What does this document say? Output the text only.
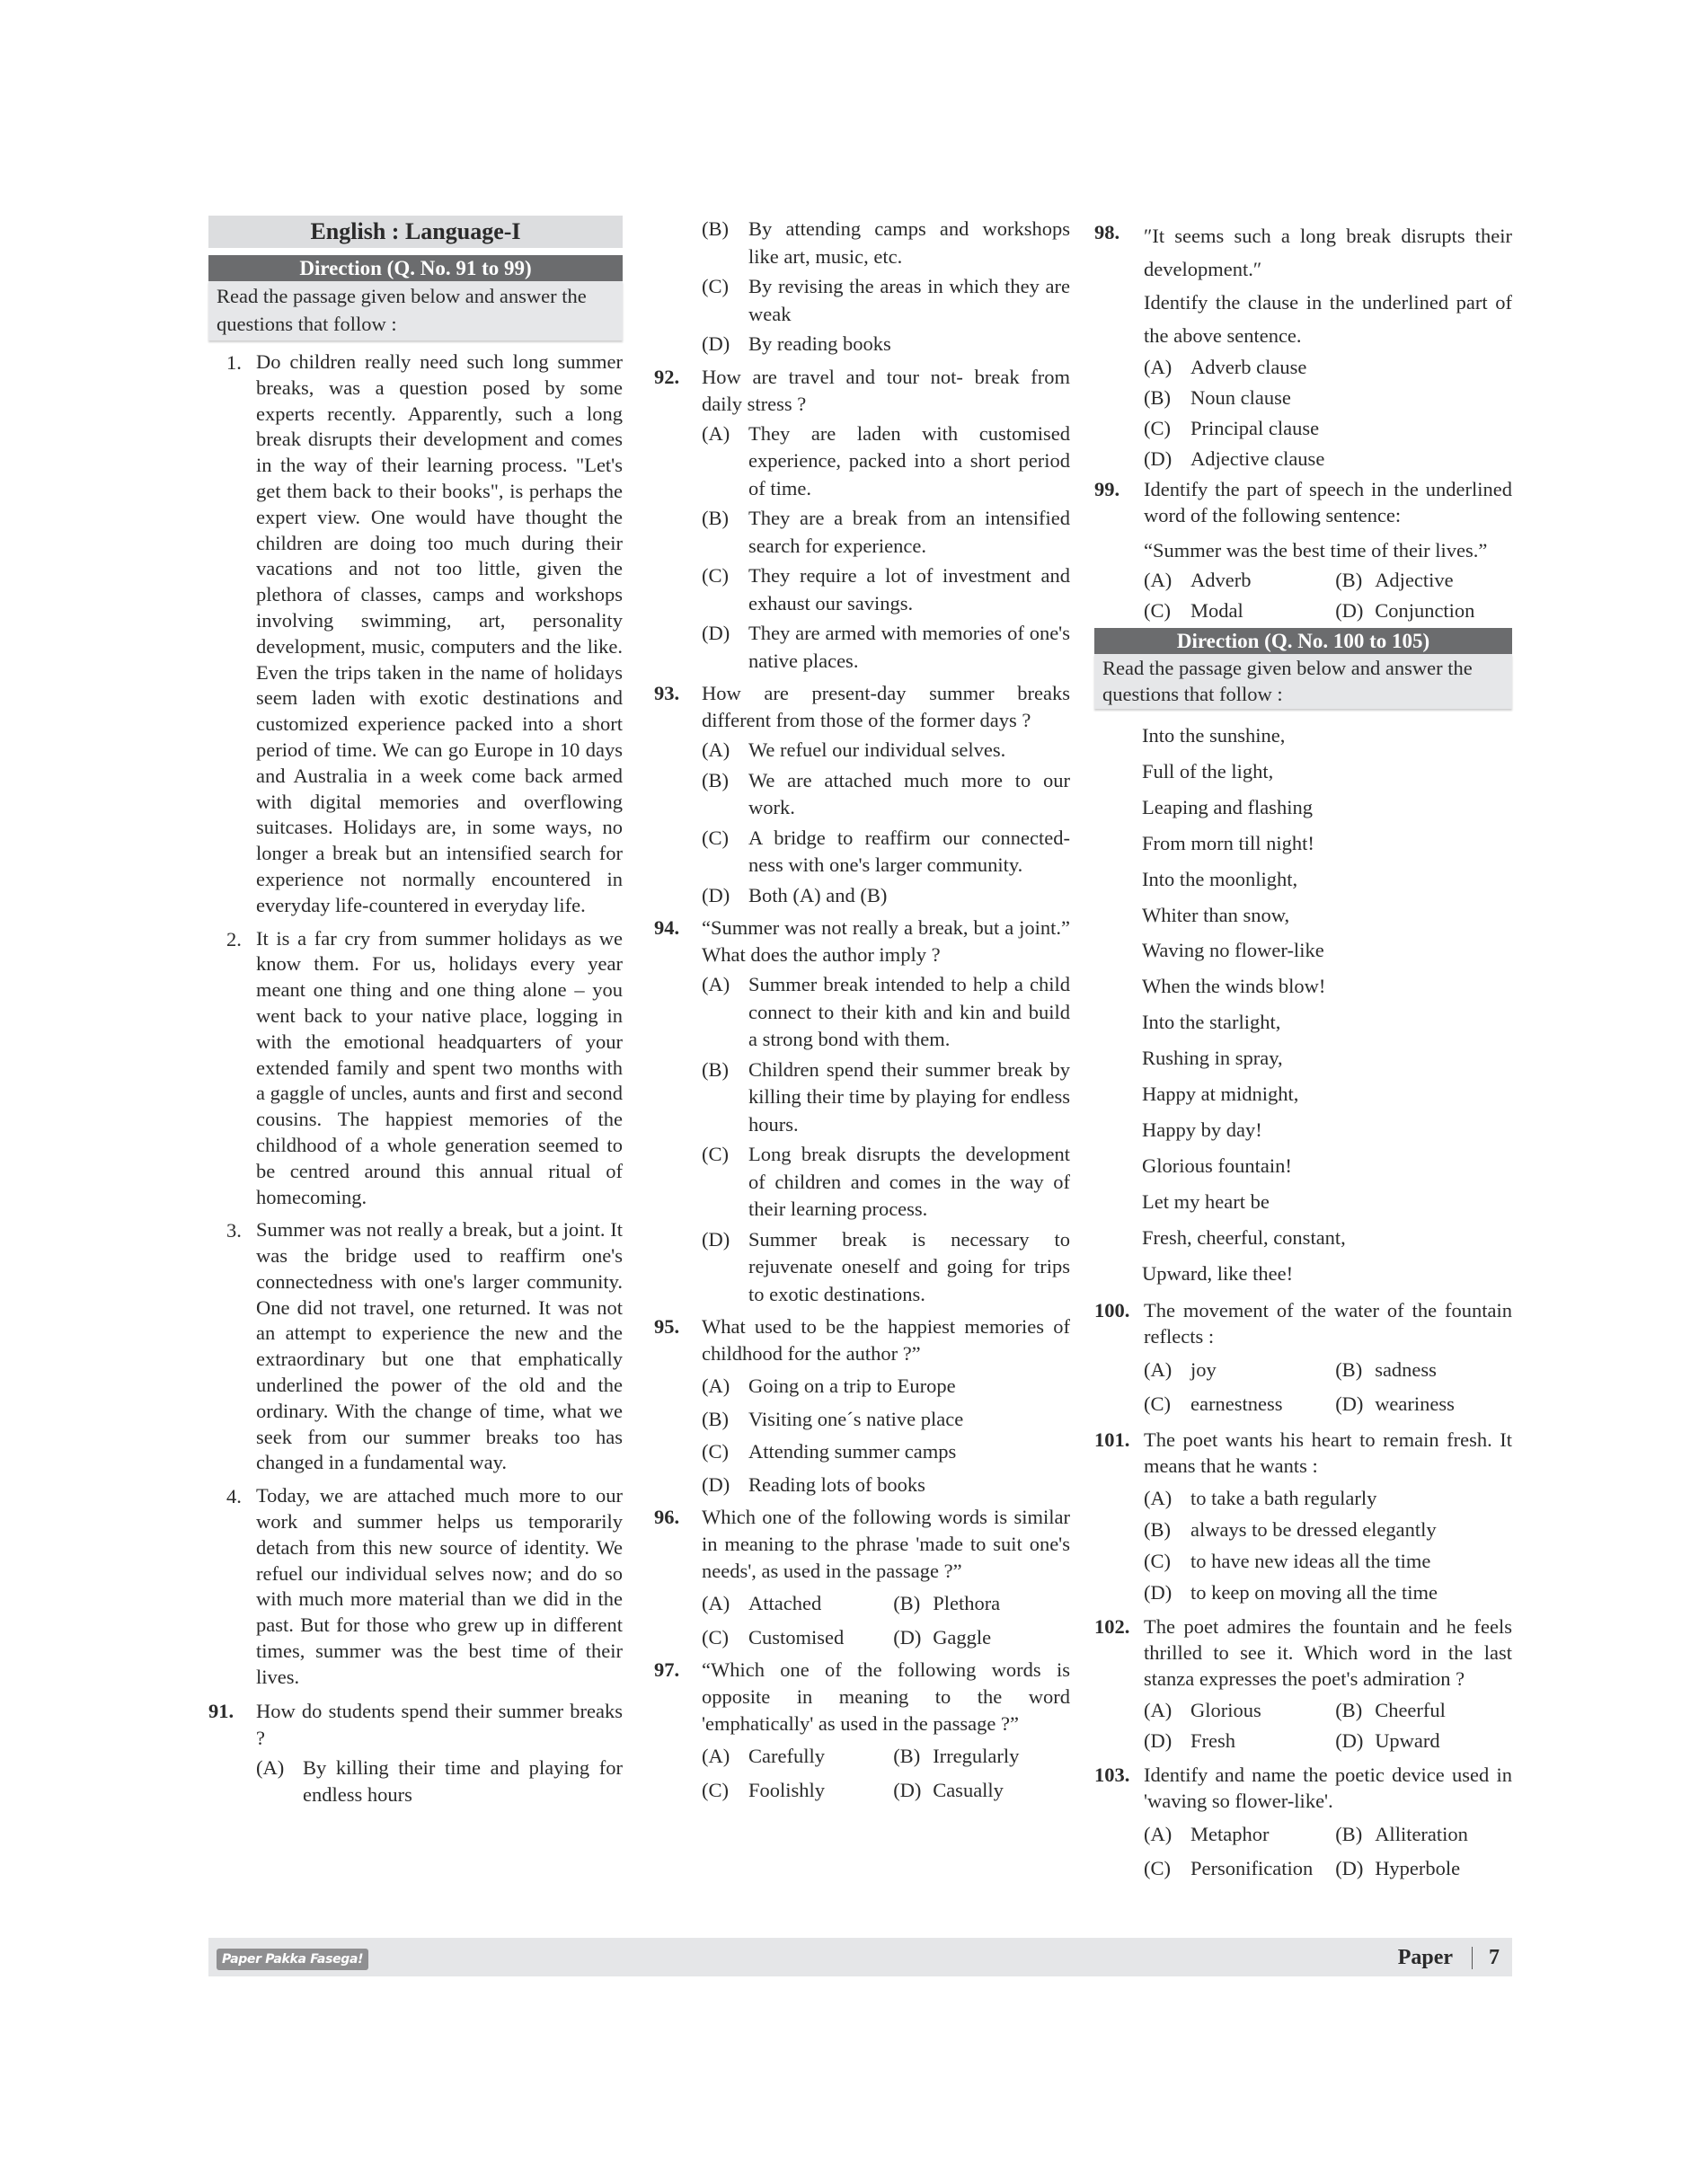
English : Language-I
Direction (Q. No. 91 to 99)
Read the passage given below and answer the questions that follow :
1. Do children really need such long summer breaks, was a question posed by some experts recently. Apparently, such a long break disrupts their development and comes in the way of their learning process. "Let's get them back to their books", is perhaps the expert view. One would have thought the children are doing too much during their vacations and not too little, given the plethora of classes, camps and workshops involving swimming, art, personality development, music, computers and the like. Even the trips taken in the name of holidays seem laden with exotic destinations and customized experience packed into a short period of time. We can go Europe in 10 days and Australia in a week come back armed with digital memories and overflowing suitcases. Holidays are, in some ways, no longer a break but an intensified search for experience not normally encountered in everyday life-countered in everyday life.
2. It is a far cry from summer holidays as we know them. For us, holidays every year meant one thing and one thing alone – you went back to your native place, logging in with the emotional headquarters of your extended family and spent two months with a gaggle of uncles, aunts and first and second cousins. The happiest memories of the childhood of a whole generation seemed to be centred around this annual ritual of homecoming.
3. Summer was not really a break, but a joint. It was the bridge used to reaffirm one's connectedness with one's larger community. One did not travel, one returned. It was not an attempt to experience the new and the extraordinary but one that emphatically underlined the power of the old and the ordinary. With the change of time, what we seek from our summer breaks too has changed in a fundamental way.
4. Today, we are attached much more to our work and summer helps us temporarily detach from this new source of identity. We refuel our individual selves now; and do so with much more material than we did in the past. But for those who grew up in different times, summer was the best time of their lives.
91.	How do students spend their summer breaks ?
(A) By killing their time and playing for endless hours
(B) By attending camps and workshops like art, music, etc.
(C) By revising the areas in which they are weak
(D) By reading books
92.	How are travel and tour not- break from daily stress ?
(A) They are laden with customised experience, packed into a short period of time.
(B) They are a break from an intensified search for experience.
(C) They require a lot of investment and exhaust our savings.
(D) They are armed with memories of one's native places.
93.	How are present-day summer breaks different from those of the former days ?
(A) We refuel our individual selves.
(B) We are attached much more to our work.
(C) A bridge to reaffirm our connected-ness with one's larger community.
(D) Both (A) and (B)
94.	“Summer was not really a break, but a joint.” What does the author imply ?
(A) Summer break intended to help a child connect to their kith and kin and build a strong bond with them.
(B) Children spend their summer break by killing their time by playing for endless hours.
(C) Long break disrupts the development of children and comes in the way of their learning process.
(D) Summer break is necessary to rejuvenate oneself and going for trips to exotic destinations.
95.	What used to be the happiest memories of childhood for the author ?”
(A) Going on a trip to Europe
(B) Visiting one´s native place
(C) Attending summer camps
(D) Reading lots of books
96.	Which one of the following words is similar in meaning to the phrase 'made to suit one's needs', as used in the passage ?”
(A) Attached	(B) Plethora
(C) Customised (D) Gaggle
97.	“Which one of the following words is opposite in meaning to the word 'emphatically' as used in the passage ?”
(A) Carefully	(B) Irregularly
(C) Foolishly	(D) Casually
98.	″It seems such a long break disrupts their development.″
Identify the clause in the underlined part of the above sentence.
(A) Adverb clause
(B) Noun clause
(C) Principal clause
(D) Adjective clause
99.	Identify the part of speech in the underlined word of the following sentence:
“Summer was the best time of their lives.”
(A) Adverb	(B) Adjective
(C) Modal	(D) Conjunction
Direction (Q. No. 100 to 105)
Read the passage given below and answer the questions that follow :
Into the sunshine,
Full of the light,
Leaping and flashing
From morn till night!
Into the moonlight,
Whiter than snow,
Waving no flower-like
When the winds blow!
Into the starlight,
Rushing in spray,
Happy at midnight,
Happy by day!
Glorious fountain!
Let my heart be
Fresh, cheerful, constant,
Upward, like thee!
100. The movement of the water of the fountain reflects :
(A) joy	(B) sadness
(C) earnestness	(D) weariness
101. The poet wants his heart to remain fresh. It means that he wants :
(A) to take a bath regularly
(B) always to be dressed elegantly
(C) to have new ideas all the time
(D) to keep on moving all the time
102. The poet admires the fountain and he feels thrilled to see it. Which word in the last stanza expresses the poet's admiration ?
(A) Glorious	(B) Cheerful
(D) Fresh	(D) Upward
103. Identify and name the poetic device used in 'waving so flower-like'.
(A) Metaphor	(B) Alliteration
(C) Personification (D) Hyperbole
Paper Pakka Fasega!	Paper 7
